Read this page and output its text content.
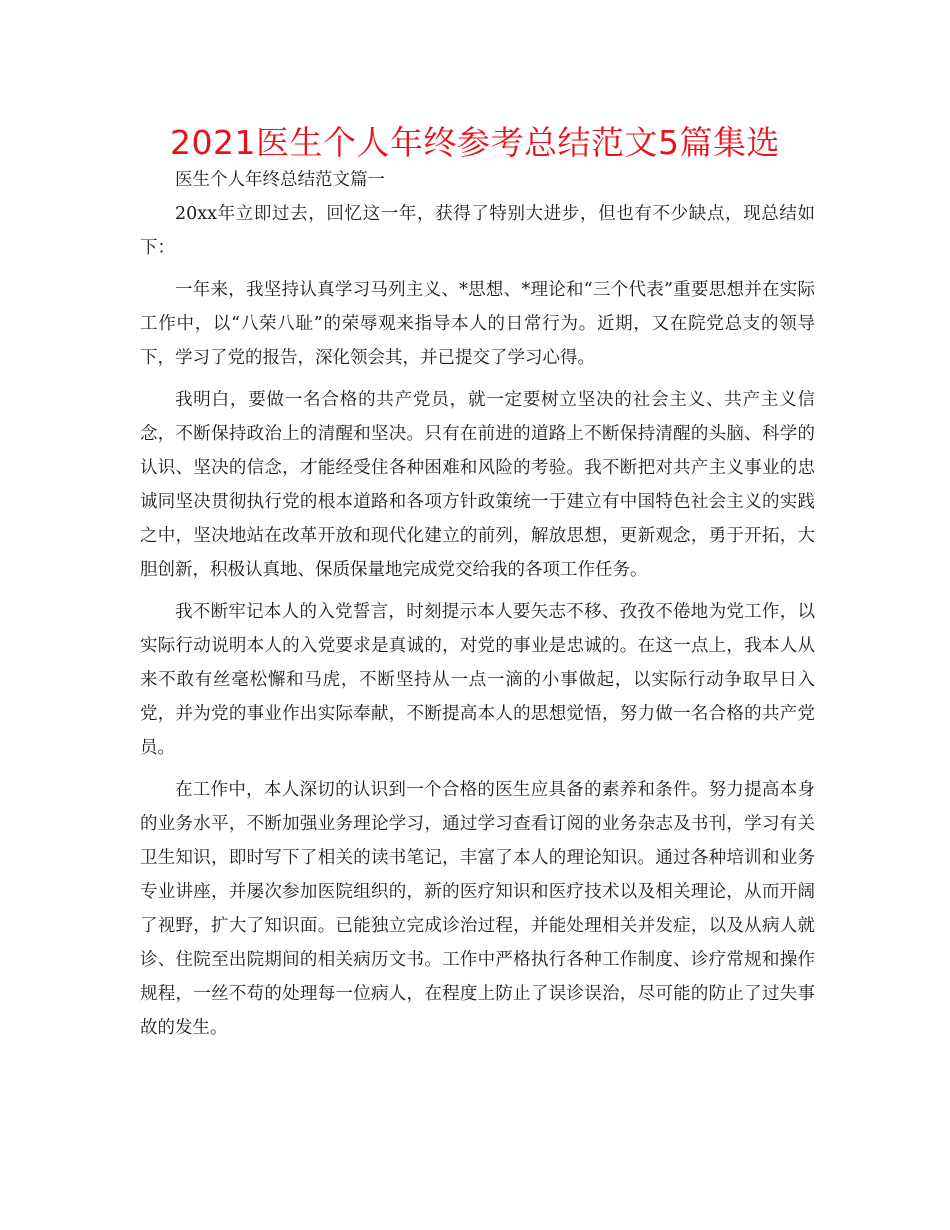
2021医生个人年终参考总结范文5篇集选

医生个人年终总结范文篇一

20xx年立即过去，回忆这一年，获得了特别大进步，但也有不少缺点，现总结如下：

一年来，我坚持认真学习马列主义、*思想、*理论和“三个代表”重要思想并在实际工作中，以“八荣八耻”的荣辱观来指导本人的日常行为。近期，又在院党总支的领导下，学习了党的报告，深化领会其，并已提交了学习心得。

我明白，要做一名合格的共产党员，就一定要树立坚决的社会主义、共产主义信念，不断保持政治上的清醒和坚决。只有在前进的道路上不断保持清醒的头脑、科学的认识、坚决的信念，才能经受住各种困难和风险的考验。我不断把对共产主义事业的忠诚同坚决贯彻执行党的根本道路和各项方针政策统一于建立有中国特色社会主义的实践之中，坚决地站在改革开放和现代化建立的前列，解放思想，更新观念，勇于开拓，大胆创新，积极认真地、保质保量地完成党交给我的各项工作任务。

我不断牢记本人的入党誓言，时刻提示本人要矢志不移、孜孜不倦地为党工作，以实际行动说明本人的入党要求是真诚的，对党的事业是忠诚的。在这一点上，我本人从来不敢有丝毫松懈和马虎，不断坚持从一点一滴的小事做起，以实际行动争取早日入党，并为党的事业作出实际奉献，不断提高本人的思想觉悟，努力做一名合格的共产党员。

在工作中，本人深切的认识到一个合格的医生应具备的素养和条件。努力提高本身的业务水平，不断加强业务理论学习，通过学习查看订阅的业务杂志及书刊，学习有关卫生知识，即时写下了相关的读书笔记，丰富了本人的理论知识。通过各种培训和业务专业讲座，并屡次参加医院组织的，新的医疗知识和医疗技术以及相关理论，从而开阔了视野，扩大了知识面。已能独立完成诊治过程，并能处理相关并发症，以及从病人就诊、住院至出院期间的相关病历文书。工作中严格执行各种工作制度、诊疗常规和操作规程，一丝不苟的处理每一位病人，在程度上防止了误诊误治，尽可能的防止了过失事故的发生。
